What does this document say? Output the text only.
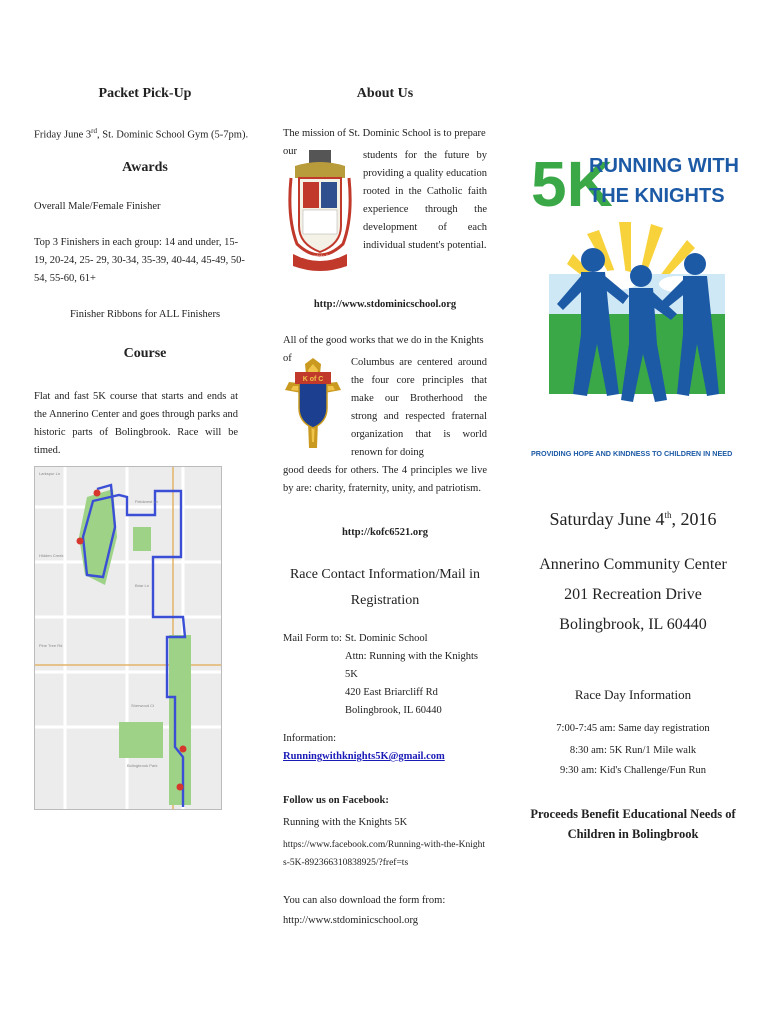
Packet Pick-Up
Friday June 3rd, St. Dominic School Gym (5-7pm).
Awards
Overall Male/Female Finisher
Top 3 Finishers in each group: 14 and under, 15-19, 20-24, 25- 29, 30-34, 35-39, 40-44, 45-49, 50-54, 55-60, 61+
Finisher Ribbons for ALL Finishers
Course
Flat and fast 5K course that starts and ends at the Annerino Center and goes through parks and historic parts of Bolingbrook. Race will be timed.
Larkspur Ln
Fieldcrest Ln
Hidden Creek
Briar Ln
Pine Tree Rd
Sherwood Ct
Bolingbrook Park
About Us
The mission of St. Dominic School is to prepare our	students for the future by providing a quality education rooted in the Catholic faith experience through the development of each individual student's potential.
St. Dominic School
http://www.stdominicschool.org
All of the good works that we do in the Knights of
K of C
Columbus are centered around the four core principles that make our Brotherhood the strong and respected fraternal organization that is world renown for doing
good deeds for others. The 4 principles we live by are: charity, fraternity, unity, and patriotism.
http://kofc6521.org
Race Contact Information/Mail in Registration
Mail Form to: St. Dominic School
Attn: Running with the Knights 5K
420 East Briarcliff Rd
Bolingbrook, IL 60440
Information:
Runningwithknights5K@gmail.com
Follow us on Facebook:
Running with the Knights 5K
https://www.facebook.com/Running-with-the-Knights-5K-892366310838925/?fref=ts
You can also download the form from:
http://www.stdominicschool.org
5K
RUNNING WITH
THE KNIGHTS
PROVIDING HOPE AND KINDNESS TO CHILDREN IN NEED
Saturday June 4th, 2016
Annerino Community Center
201 Recreation Drive
Bolingbrook, IL 60440
Race Day Information
7:00-7:45 am: Same day registration
8:30 am: 5K Run/1 Mile walk
9:30 am: Kid's Challenge/Fun Run
Proceeds Benefit Educational Needs of Children in Bolingbrook
